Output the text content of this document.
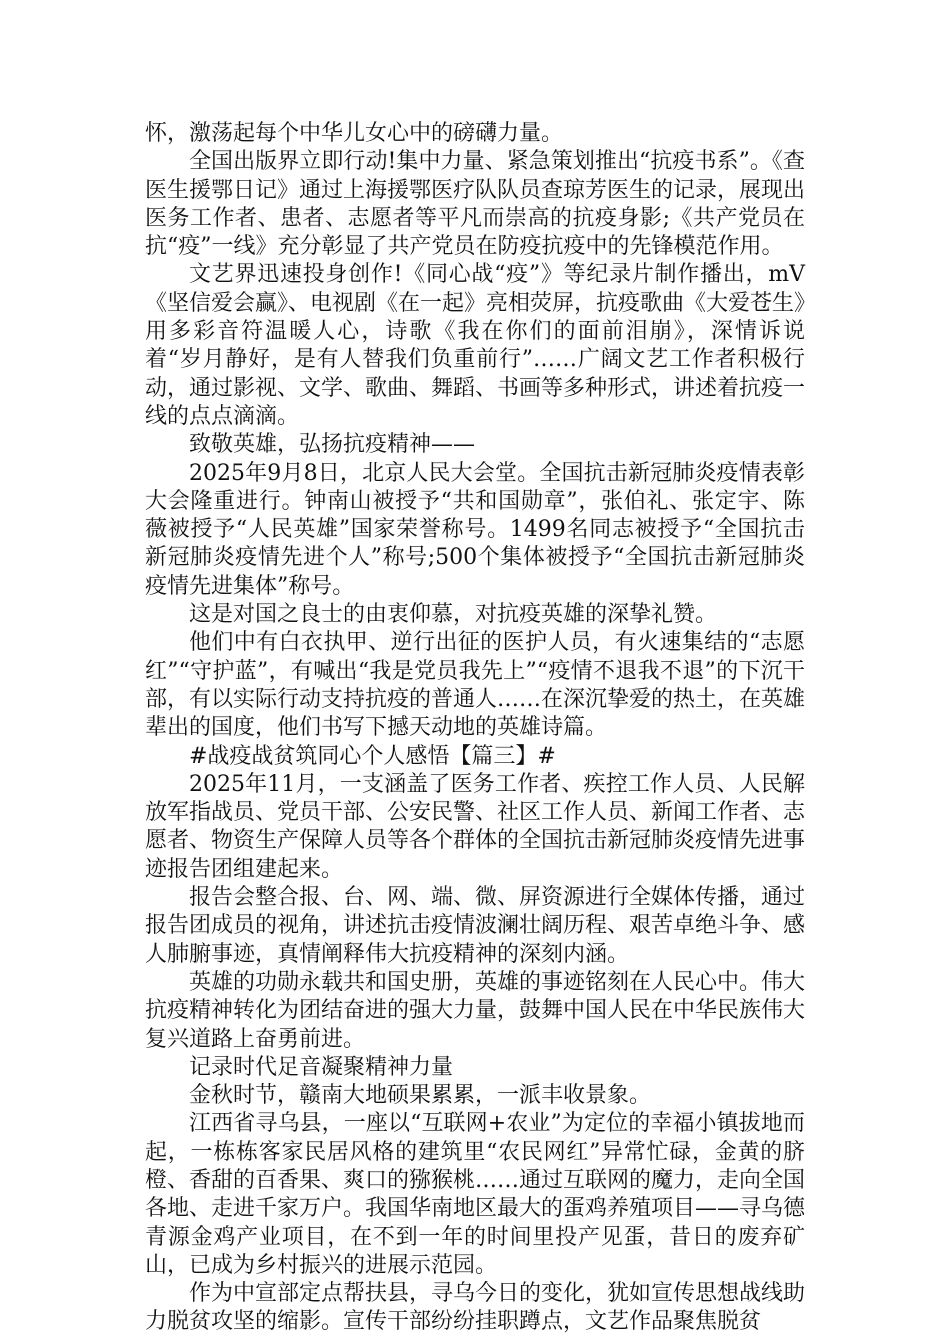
怀，激荡起每个中华儿女心中的磅礴力量。

全国出版界立即行动!集中力量、紧急策划推出“抗疫书系”。《查医生援鄂日记》通过上海援鄂医疗队队员查琼芳医生的记录，展现出医务工作者、患者、志愿者等平凡而崇高的抗疫身影;《共产党员在抗“疫”一线》充分彰显了共产党员在防疫抗疫中的先锋模范作用。

文艺界迅速投身创作!《同心战“疫”》等纪录片制作播出，mV《坚信爱会赢》、电视剧《在一起》亮相荧屏，抗疫歌曲《大爱苍生》用多彩音符温暖人心，诗歌《我在你们的面前泪崩》，深情诉说着“岁月静好，是有人替我们负重前行”……广阔文艺工作者积极行动，通过影视、文学、歌曲、舞蹈、书画等多种形式，讲述着抗疫一线的点点滴滴。

致敬英雄，弘扬抗疫精神——

2025年9月8日，北京人民大会堂。全国抗击新冠肺炎疫情表彰大会隆重进行。钟南山被授予“共和国勋章”，张伯礼、张定宇、陈薇被授予“人民英雄”国家荣誉称号。1499名同志被授予“全国抗击新冠肺炎疫情先进个人”称号;500个集体被授予“全国抗击新冠肺炎疫情先进集体”称号。

这是对国之良士的由衷仰慕，对抗疫英雄的深挚礼赞。

他们中有白衣执甲、逆行出征的医护人员，有火速集结的“志愿红”“守护蓝”，有喊出“我是党员我先上”“疫情不退我不退”的下沉干部，有以实际行动支持抗疫的普通人……在深沉挚爱的热土，在英雄辈出的国度，他们书写下撼天动地的英雄诗篇。

#战疫战贫筑同心个人感悟【篇三】#

2025年11月，一支涵盖了医务工作者、疾控工作人员、人民解放军指战员、党员干部、公安民警、社区工作人员、新闻工作者、志愿者、物资生产保障人员等各个群体的全国抗击新冠肺炎疫情先进事迹报告团组建起来。

报告会整合报、台、网、端、微、屏资源进行全媒体传播，通过报告团成员的视角，讲述抗击疫情波澜壮阔历程、艰苦卓绝斗争、感人肺腑事迹，真情阐释伟大抗疫精神的深刻内涵。

英雄的功勋永载共和国史册，英雄的事迹铭刻在人民心中。伟大抗疫精神转化为团结奋进的强大力量，鼓舞中国人民在中华民族伟大复兴道路上奋勇前进。

记录时代足音凝聚精神力量

金秋时节，赣南大地硕果累累，一派丰收景象。

江西省寻乌县，一座以“互联网+农业”为定位的幸福小镇拔地而起，一栋栋客家民居风格的建筑里“农民网红”异常忙碌，金黄的脐橙、香甜的百香果、爽口的猕猴桃……通过互联网的魔力，走向全国各地、走进千家万户。我国华南地区最大的蛋鸡养殖项目——寻乌德青源金鸡产业项目，在不到一年的时间里投产见蛋，昔日的废弃矿山，已成为乡村振兴的进展示范园。

作为中宣部定点帮扶县，寻乌今日的变化，犹如宣传思想战线助力脱贫攻坚的缩影。宣传干部纷纷挂职蹲点，文艺作品聚焦脱贫
